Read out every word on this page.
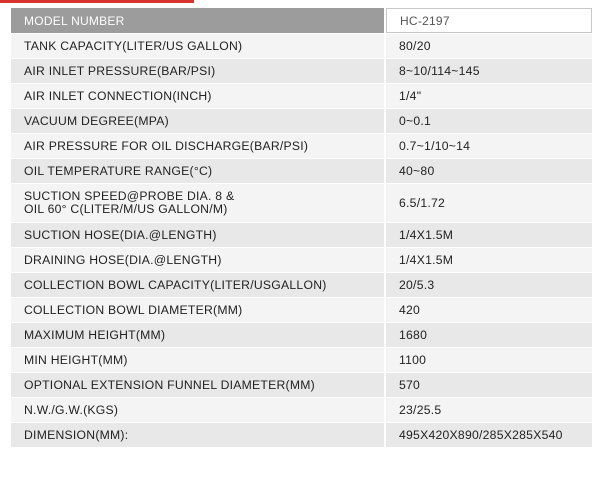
MODEL NUMBER	HC-2197
TANK CAPACITY(LITER/US GALLON)	80/20
AIR INLET PRESSURE(BAR/PSI)	8~10/114~145
AIR INLET CONNECTION(INCH)	1/4"
VACUUM DEGREE(MPA)	0~0.1
AIR PRESSURE FOR OIL DISCHARGE(BAR/PSI)	0.7~1/10~14
OIL TEMPERATURE RANGE(°C)	40~80

SUCTION SPEED@PROBE DIA. 8 &
OIL 60° C(LITER/M/US GALLON/M)	6.5/1.72
SUCTION HOSE(DIA.@LENGTH)	1/4X1.5M
DRAINING HOSE(DIA.@LENGTH)	1/4X1.5M
COLLECTION BOWL CAPACITY(LITER/USGALLON)	20/5.3
COLLECTION BOWL DIAMETER(MM)	420
MAXIMUM HEIGHT(MM)	1680
MIN HEIGHT(MM)	1100
OPTIONAL EXTENSION FUNNEL DIAMETER(MM)	570
N.W./G.W.(KGS)	23/25.5
DIMENSION(MM):	495X420X890/285X285X540
